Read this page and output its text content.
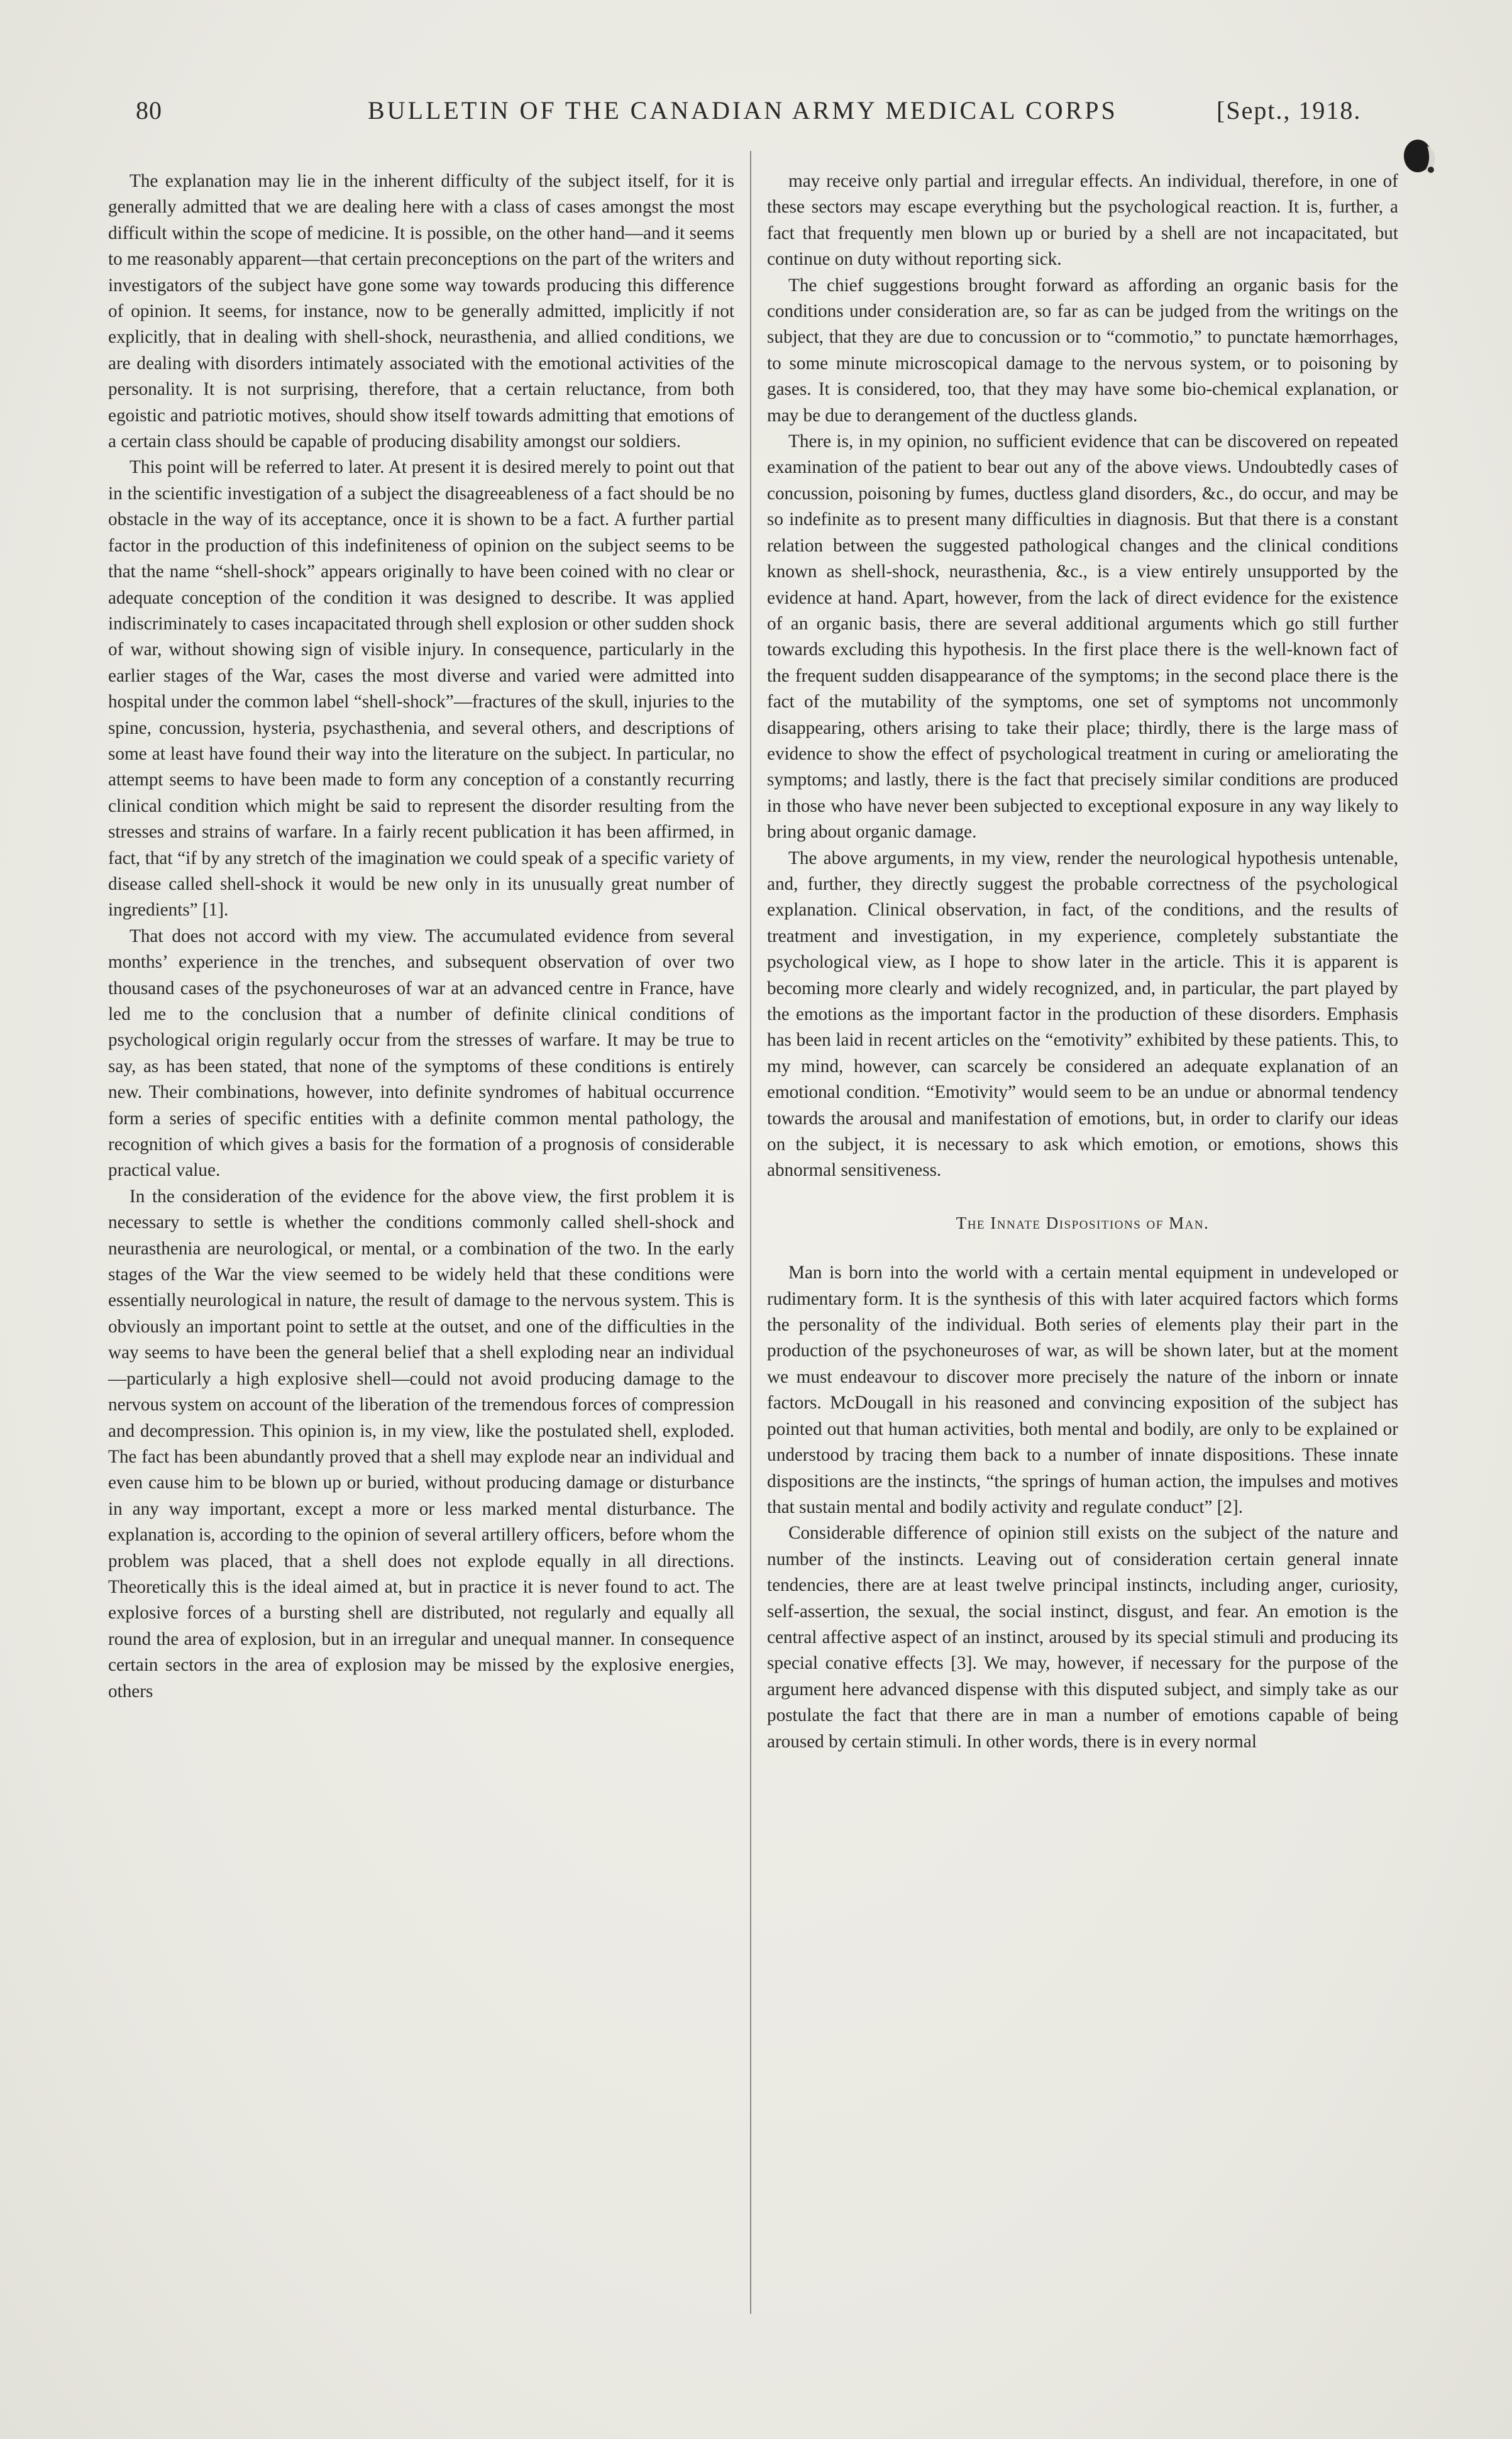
80	BULLETIN OF THE CANADIAN ARMY MEDICAL CORPS	[Sept., 1918.

The explanation may lie in the inherent difficulty of the subject itself, for it is generally admitted that we are dealing here with a class of cases amongst the most difficult within the scope of medicine. It is possible, on the other hand—and it seems to me reasonably apparent—that certain preconceptions on the part of the writers and investigators of the subject have gone some way towards producing this difference of opinion. It seems, for instance, now to be generally admitted, implicitly if not explicitly, that in dealing with shell-shock, neurasthenia, and allied conditions, we are dealing with disorders intimately associated with the emotional activities of the personality. It is not surprising, therefore, that a certain reluctance, from both egoistic and patriotic motives, should show itself towards admitting that emotions of a certain class should be capable of producing disability amongst our soldiers.

This point will be referred to later. At present it is desired merely to point out that in the scientific investigation of a subject the disagreeableness of a fact should be no obstacle in the way of its acceptance, once it is shown to be a fact. A further partial factor in the production of this indefiniteness of opinion on the subject seems to be that the name “shell-shock” appears originally to have been coined with no clear or adequate conception of the condition it was designed to describe. It was applied indiscriminately to cases incapacitated through shell explosion or other sudden shock of war, without showing sign of visible injury. In consequence, particularly in the earlier stages of the War, cases the most diverse and varied were admitted into hospital under the common label “shell-shock”—fractures of the skull, injuries to the spine, concussion, hysteria, psychasthenia, and several others, and descriptions of some at least have found their way into the literature on the subject. In particular, no attempt seems to have been made to form any conception of a constantly recurring clinical condition which might be said to represent the disorder resulting from the stresses and strains of warfare. In a fairly recent publication it has been affirmed, in fact, that “if by any stretch of the imagination we could speak of a specific variety of disease called shell-shock it would be new only in its unusually great number of ingredients” [1].

That does not accord with my view. The accumulated evidence from several months’ experience in the trenches, and subsequent observation of over two thousand cases of the psychoneuroses of war at an advanced centre in France, have led me to the conclusion that a number of definite clinical conditions of psychological origin regularly occur from the stresses of warfare. It may be true to say, as has been stated, that none of the symptoms of these conditions is entirely new. Their combinations, however, into definite syndromes of habitual occurrence form a series of specific entities with a definite common mental pathology, the recognition of which gives a basis for the formation of a prognosis of considerable practical value.

In the consideration of the evidence for the above view, the first problem it is necessary to settle is whether the conditions commonly called shell-shock and neurasthenia are neurological, or mental, or a combination of the two. In the early stages of the War the view seemed to be widely held that these conditions were essentially neurological in nature, the result of damage to the nervous system. This is obviously an important point to settle at the outset, and one of the difficulties in the way seems to have been the general belief that a shell exploding near an individual—particularly a high explosive shell—could not avoid producing damage to the nervous system on account of the liberation of the tremendous forces of compression and decompression. This opinion is, in my view, like the postulated shell, exploded. The fact has been abundantly proved that a shell may explode near an individual and even cause him to be blown up or buried, without producing damage or disturbance in any way important, except a more or less marked mental disturbance. The explanation is, according to the opinion of several artillery officers, before whom the problem was placed, that a shell does not explode equally in all directions. Theoretically this is the ideal aimed at, but in practice it is never found to act. The explosive forces of a bursting shell are distributed, not regularly and equally all round the area of explosion, but in an irregular and unequal manner. In consequence certain sectors in the area of explosion may be missed by the explosive energies, others

may receive only partial and irregular effects. An individual, therefore, in one of these sectors may escape everything but the psychological reaction. It is, further, a fact that frequently men blown up or buried by a shell are not incapacitated, but continue on duty without reporting sick.

The chief suggestions brought forward as affording an organic basis for the conditions under consideration are, so far as can be judged from the writings on the subject, that they are due to concussion or to “commotio,” to punctate hæmorrhages, to some minute microscopical damage to the nervous system, or to poisoning by gases. It is considered, too, that they may have some bio-chemical explanation, or may be due to derangement of the ductless glands.

There is, in my opinion, no sufficient evidence that can be discovered on repeated examination of the patient to bear out any of the above views. Undoubtedly cases of concussion, poisoning by fumes, ductless gland disorders, &c., do occur, and may be so indefinite as to present many difficulties in diagnosis. But that there is a constant relation between the suggested pathological changes and the clinical conditions known as shell-shock, neurasthenia, &c., is a view entirely unsupported by the evidence at hand. Apart, however, from the lack of direct evidence for the existence of an organic basis, there are several additional arguments which go still further towards excluding this hypothesis. In the first place there is the well-known fact of the frequent sudden disappearance of the symptoms; in the second place there is the fact of the mutability of the symptoms, one set of symptoms not uncommonly disappearing, others arising to take their place; thirdly, there is the large mass of evidence to show the effect of psychological treatment in curing or ameliorating the symptoms; and lastly, there is the fact that precisely similar conditions are produced in those who have never been subjected to exceptional exposure in any way likely to bring about organic damage.

The above arguments, in my view, render the neurological hypothesis untenable, and, further, they directly suggest the probable correctness of the psychological explanation. Clinical observation, in fact, of the conditions, and the results of treatment and investigation, in my experience, completely substantiate the psychological view, as I hope to show later in the article. This it is apparent is becoming more clearly and widely recognized, and, in particular, the part played by the emotions as the important factor in the production of these disorders. Emphasis has been laid in recent articles on the “emotivity” exhibited by these patients. This, to my mind, however, can scarcely be considered an adequate explanation of an emotional condition. “Emotivity” would seem to be an undue or abnormal tendency towards the arousal and manifestation of emotions, but, in order to clarify our ideas on the subject, it is necessary to ask which emotion, or emotions, shows this abnormal sensitiveness.

The Innate Dispositions of Man.

Man is born into the world with a certain mental equipment in undeveloped or rudimentary form. It is the synthesis of this with later acquired factors which forms the personality of the individual. Both series of elements play their part in the production of the psychoneuroses of war, as will be shown later, but at the moment we must endeavour to discover more precisely the nature of the inborn or innate factors. McDougall in his reasoned and convincing exposition of the subject has pointed out that human activities, both mental and bodily, are only to be explained or understood by tracing them back to a number of innate dispositions. These innate dispositions are the instincts, “the springs of human action, the impulses and motives that sustain mental and bodily activity and regulate conduct” [2].

Considerable difference of opinion still exists on the subject of the nature and number of the instincts. Leaving out of consideration certain general innate tendencies, there are at least twelve principal instincts, including anger, curiosity, self-assertion, the sexual, the social instinct, disgust, and fear. An emotion is the central affective aspect of an instinct, aroused by its special stimuli and producing its special conative effects [3]. We may, however, if necessary for the purpose of the argument here advanced dispense with this disputed subject, and simply take as our postulate the fact that there are in man a number of emotions capable of being aroused by certain stimuli. In other words, there is in every normal
